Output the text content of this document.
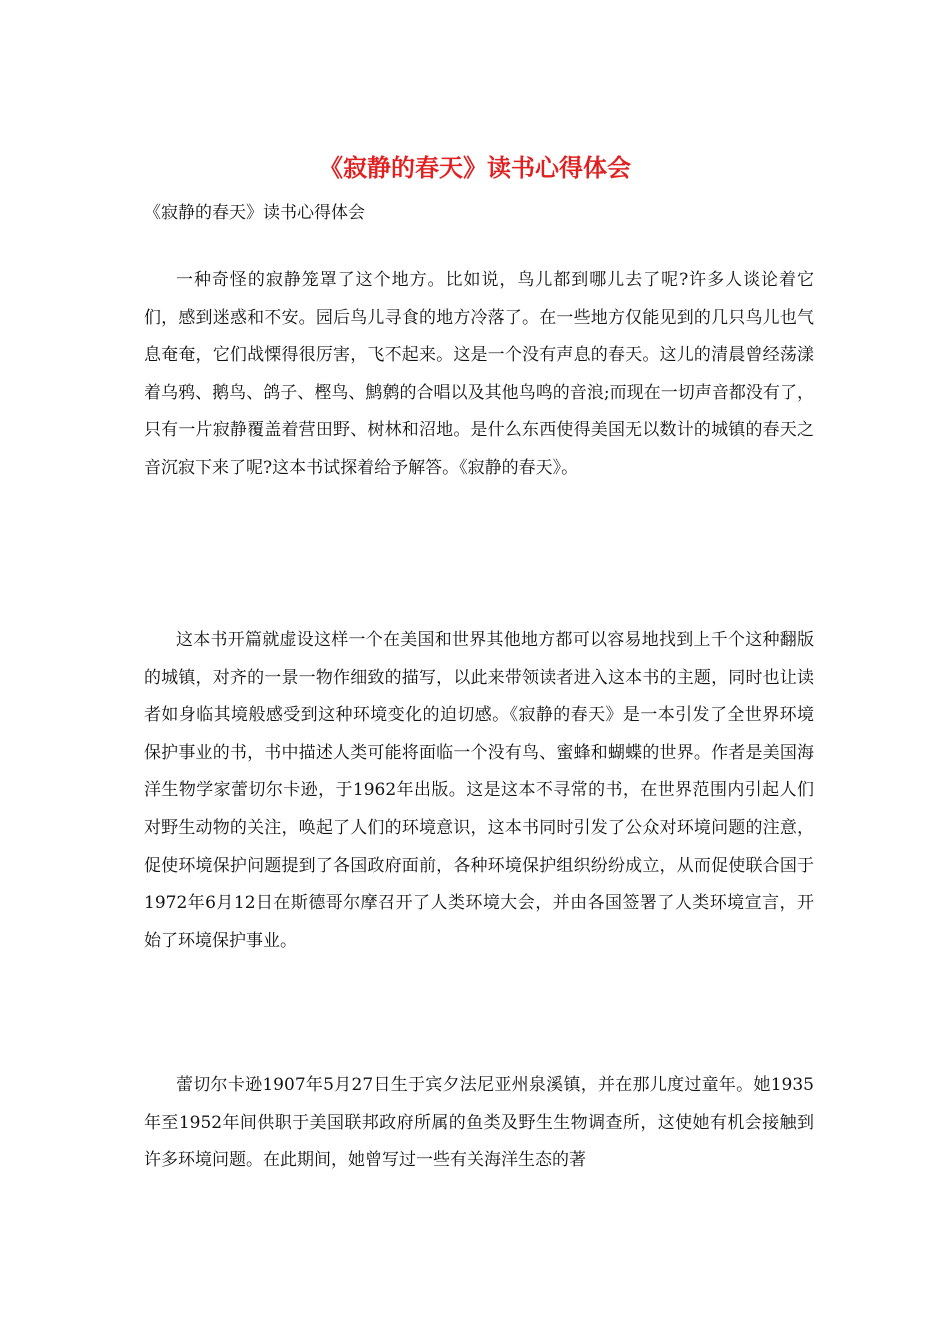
《寂静的春天》读书心得体会

《寂静的春天》读书心得体会

一种奇怪的寂静笼罩了这个地方。比如说，鸟儿都到哪儿去了呢?许多人谈论着它们，感到迷惑和不安。园后鸟儿寻食的地方冷落了。在一些地方仅能见到的几只鸟儿也气息奄奄，它们战慄得很厉害，飞不起来。这是一个没有声息的春天。这儿的清晨曾经荡漾着乌鸦、鹅鸟、鸽子、樫鸟、鹪鹩的合唱以及其他鸟鸣的音浪;而现在一切声音都没有了，只有一片寂静覆盖着营田野、树林和沼地。是什么东西使得美国无以数计的城镇的春天之音沉寂下来了呢?这本书试探着给予解答。《寂静的春天》。

这本书开篇就虚设这样一个在美国和世界其他地方都可以容易地找到上千个这种翻版的城镇，对齐的一景一物作细致的描写，以此来带领读者进入这本书的主题，同时也让读者如身临其境般感受到这种环境变化的迫切感。《寂静的春天》是一本引发了全世界环境保护事业的书，书中描述人类可能将面临一个没有鸟、蜜蜂和蝴蝶的世界。作者是美国海洋生物学家蕾切尔卡逊，于1962年出版。这是这本不寻常的书，在世界范围内引起人们对野生动物的关注，唤起了人们的环境意识，这本书同时引发了公众对环境问题的注意，促使环境保护问题提到了各国政府面前，各种环境保护组织纷纷成立，从而促使联合国于1972年6月12日在斯德哥尔摩召开了人类环境大会，并由各国签署了人类环境宣言，开始了环境保护事业。

蕾切尔卡逊1907年5月27日生于宾夕法尼亚州泉溪镇，并在那儿度过童年。她1935年至1952年间供职于美国联邦政府所属的鱼类及野生生物调查所，这使她有机会接触到许多环境问题。在此期间，她曾写过一些有关海洋生态的著
